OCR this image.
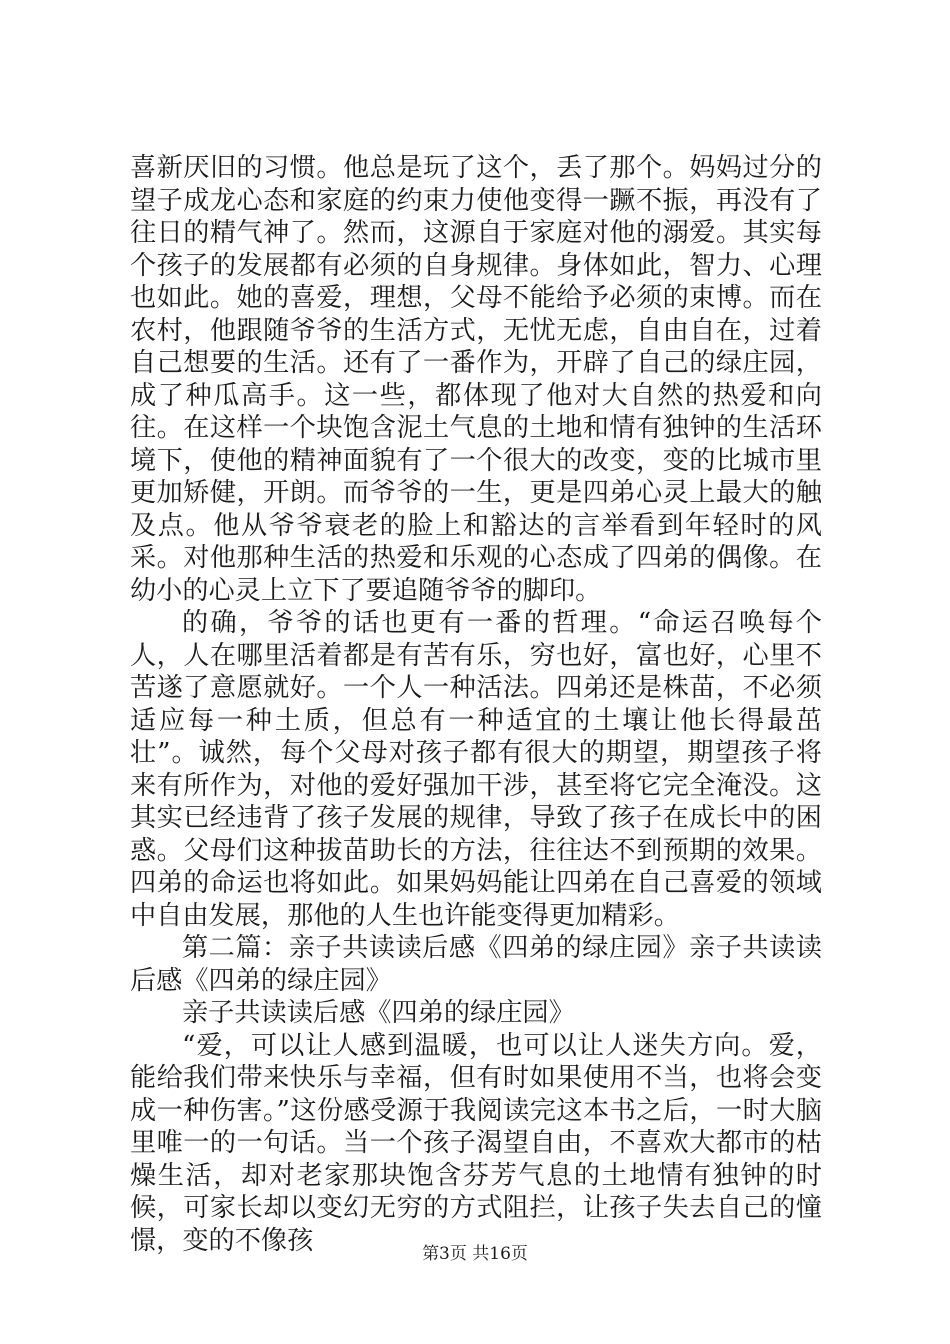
喜新厌旧的习惯。他总是玩了这个，丢了那个。妈妈过分的望子成龙心态和家庭的约束力使他变得一蹶不振，再没有了往日的精气神了。然而，这源自于家庭对他的溺爱。其实每个孩子的发展都有必须的自身规律。身体如此，智力、心理也如此。她的喜爱，理想，父母不能给予必须的束博。而在农村，他跟随爷爷的生活方式，无忧无虑，自由自在，过着自己想要的生活。还有了一番作为，开辟了自己的绿庄园，成了种瓜高手。这一些，都体现了他对大自然的热爱和向往。在这样一个块饱含泥土气息的土地和情有独钟的生活环境下，使他的精神面貌有了一个很大的改变，变的比城市里更加矫健，开朗。而爷爷的一生，更是四弟心灵上最大的触及点。他从爷爷衰老的脸上和豁达的言举看到年轻时的风采。对他那种生活的热爱和乐观的心态成了四弟的偶像。在幼小的心灵上立下了要追随爷爷的脚印。

的确，爷爷的话也更有一番的哲理。“命运召唤每个人，人在哪里活着都是有苦有乐，穷也好，富也好，心里不苦遂了意愿就好。一个人一种活法。四弟还是株苗，不必须适应每一种土质，但总有一种适宜的土壤让他长得最茁壮”。诚然，每个父母对孩子都有很大的期望，期望孩子将来有所作为，对他的爱好强加干涉，甚至将它完全淹没。这其实已经违背了孩子发展的规律，导致了孩子在成长中的困惑。父母们这种拔苗助长的方法，往往达不到预期的效果。四弟的命运也将如此。如果妈妈能让四弟在自己喜爱的领域中自由发展，那他的人生也许能变得更加精彩。

第二篇：亲子共读读后感《四弟的绿庄园》亲子共读读后感《四弟的绿庄园》

亲子共读读后感《四弟的绿庄园》

“爱，可以让人感到温暖，也可以让人迷失方向。爱，能给我们带来快乐与幸福，但有时如果使用不当，也将会变成一种伤害。”这份感受源于我阅读完这本书之后，一时大脑里唯一的一句话。当一个孩子渴望自由，不喜欢大都市的枯燥生活，却对老家那块饱含芬芳气息的土地情有独钟的时候，可家长却以变幻无穷的方式阻拦，让孩子失去自己的憧憬，变的不像孩	第3页 共16页
